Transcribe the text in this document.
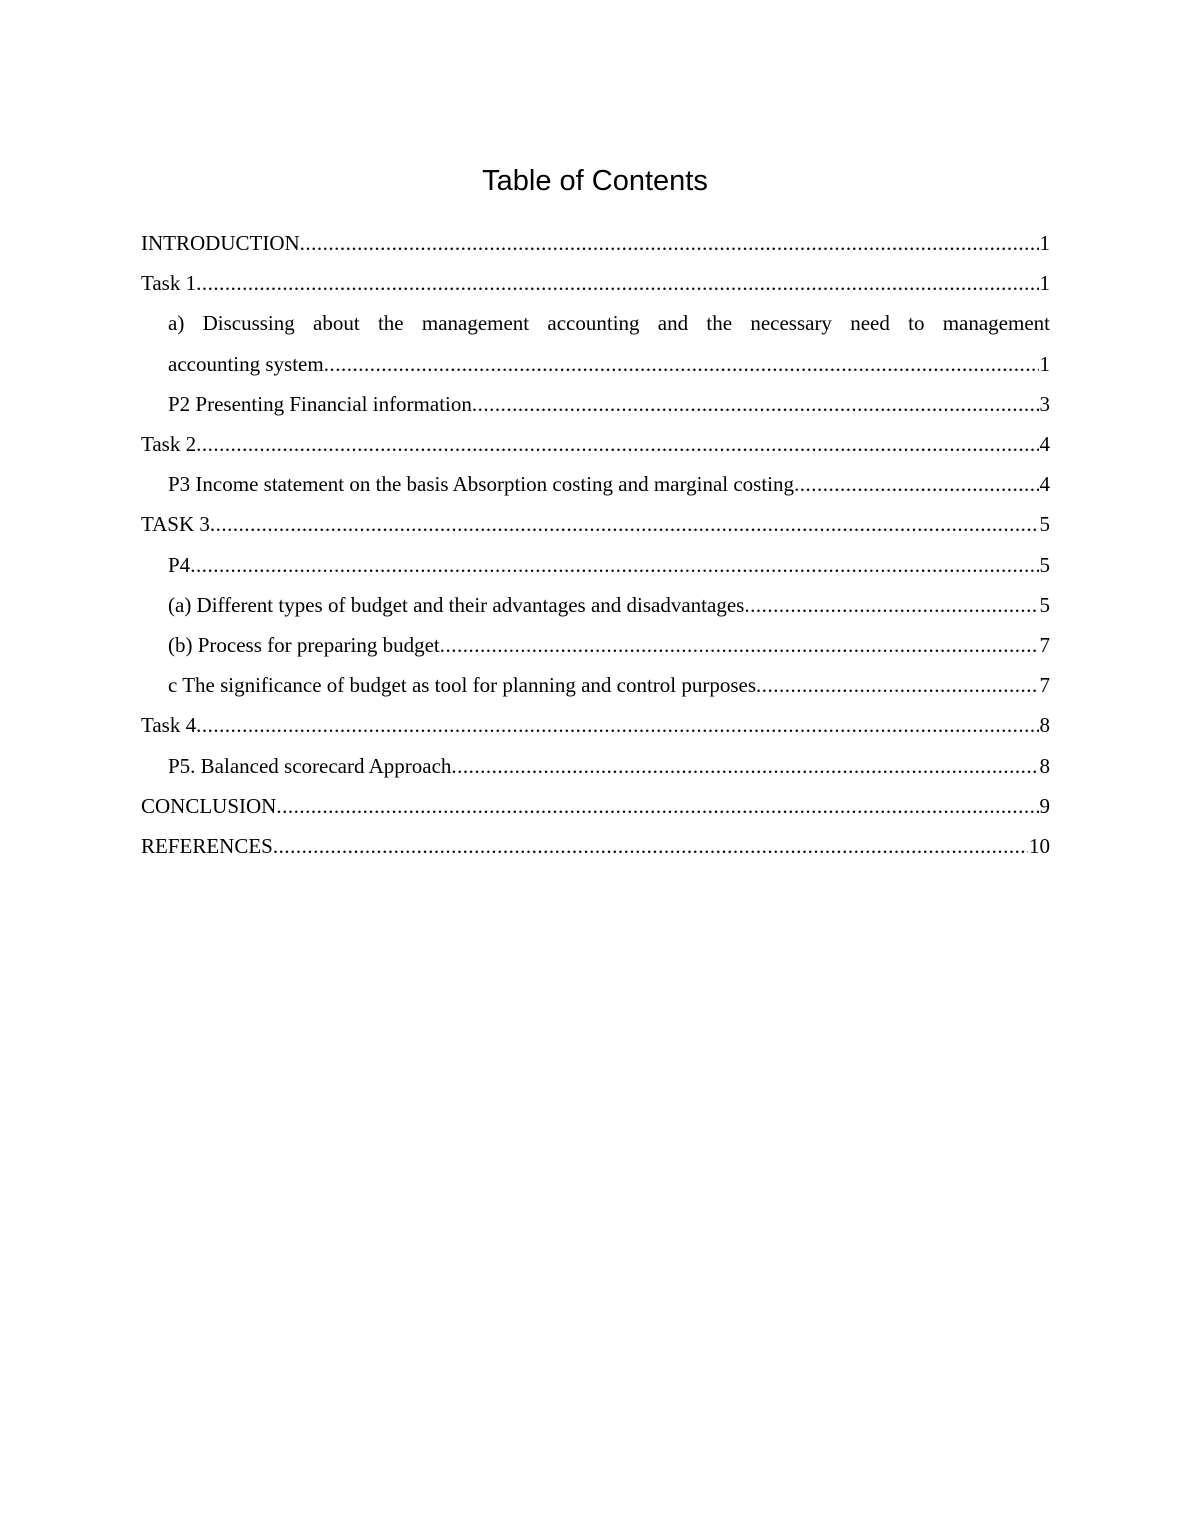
Table of Contents
INTRODUCTION .....	1
Task 1 .....	1
a) Discussing about the management accounting and the necessary need to management
accounting system .....	1
P2 Presenting Financial information .....	3
Task 2 .....	4
P3 Income statement on the basis Absorption costing and marginal costing .....	4
TASK 3 .....	5
P4 .....	5
(a) Different types of budget and their advantages and disadvantages .....	5
(b) Process for preparing budget .....	7
c The significance of budget as tool for planning and control purposes .....	7
Task 4 .....	8
P5. Balanced scorecard Approach .....	8
CONCLUSION .....	9
REFERENCES .....	10
